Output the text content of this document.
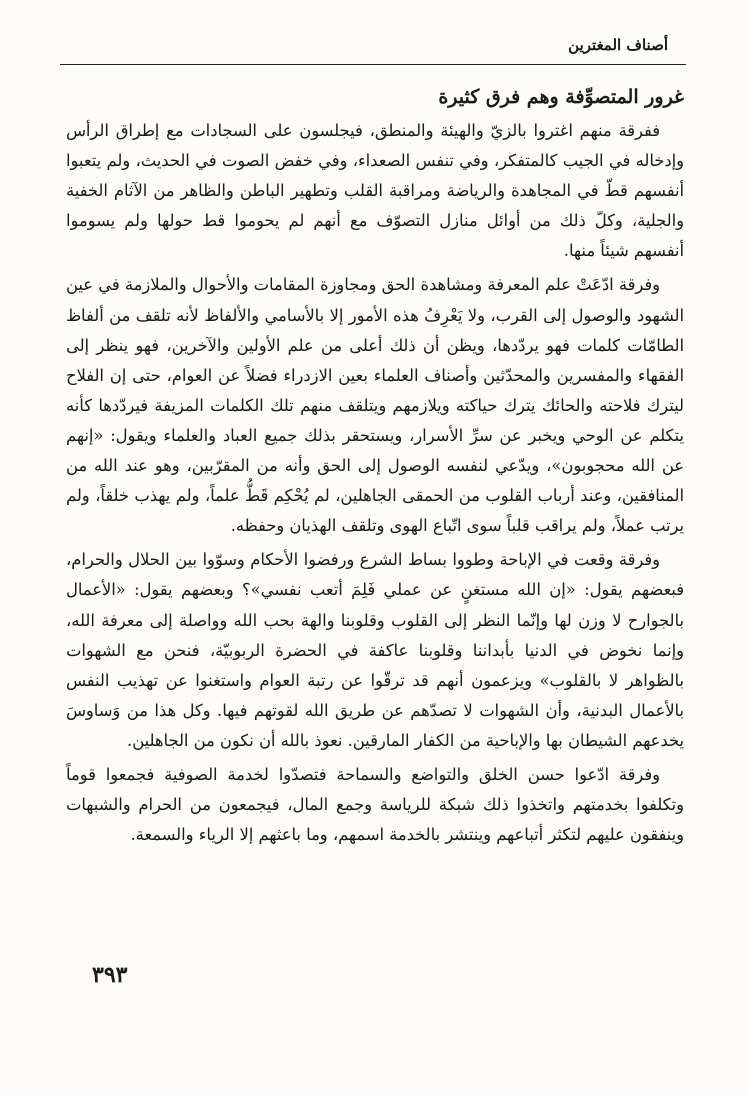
أصناف المغترين
غرور المتصوِّفة وهم فرق كثيرة

ففرقة منهم اغتروا بالزيّ والهيئة والمنطق، فيجلسون على السجادات مع إطراق الرأس وإدخاله في الجيب كالمتفكر، وفي تنفس الصعداء، وفي خفض الصوت في الحديث، ولم يتعبوا أنفسهم قطّ في المجاهدة والرياضة ومراقبة القلب وتطهير الباطن والظاهر من الآثام الخفية والجلية، وكلّ ذلك من أوائل منازل التصوّف مع أنهم لم يحوموا قط حولها ولم يسوموا أنفسهم شيئاً منها.

وفرقة ادّعَتْ علم المعرفة ومشاهدة الحق ومجاوزة المقامات والأحوال والملازمة في عين الشهود والوصول إلى القرب، ولا يَعْرِفُ هذه الأمور إلا بالأسامي والألفاظ لأنه تلقف من ألفاظ الطامّات كلمات فهو يردّدها، ويظن أن ذلك أعلى من علم الأولين والآخرين، فهو ينظر إلى الفقهاء والمفسرين والمحدّثين وأصناف العلماء بعين الازدراء فضلاً عن العوام، حتى إن الفلاح ليترك فلاحته والحائك يترك حياكته ويلازمهم ويتلقف منهم تلك الكلمات المزيفة فيردّدها كأنه يتكلم عن الوحي ويخبر عن سرِّ الأسرار، ويستحقر بذلك جميع العباد والعلماء ويقول: «إنهم عن الله محجوبون»، ويدّعي لنفسه الوصول إلى الحق وأنه من المقرّبين، وهو عند الله من المنافقين، وعند أرباب القلوب من الحمقى الجاهلين، لم يُحْكِم قَطُّ علماً، ولم يهذب خلقاً، ولم يرتب عملاً، ولم يراقب قلباً سوى اتّباع الهوى وتلقف الهذيان وحفظه.

وفرقة وقعت في الإباحة وطووا بساط الشرع ورفضوا الأحكام وسوّوا بين الحلال والحرام، فبعضهم يقول: «إن الله مستغنٍ عن عملي فَلِمَ أتعب نفسي»؟ وبعضهم يقول: «الأعمال بالجوارح لا وزن لها وإنّما النظر إلى القلوب وقلوبنا والهة بحب الله وواصلة إلى معرفة الله، وإنما نخوض في الدنيا بأبداننا وقلوبنا عاكفة في الحضرة الربوبيّة، فنحن مع الشهوات بالظواهر لا بالقلوب» ويزعمون أنهم قد ترقّوا عن رتبة العوام واستغنوا عن تهذيب النفس بالأعمال البدنية، وأن الشهوات لا تصدّهم عن طريق الله لقوتهم فيها. وكل هذا من وَساوسَ يخدعهم الشيطان بها والإباحية من الكفار المارقين. نعوذ بالله أن نكون من الجاهلين.

وفرقة ادّعوا حسن الخلق والتواضع والسماحة فتصدّوا لخدمة الصوفية فجمعوا قوماً وتكلفوا بخدمتهم واتخذوا ذلك شبكة للرياسة وجمع المال، فيجمعون من الحرام والشبهات وينفقون عليهم لتكثر أتباعهم وينتشر بالخدمة اسمهم، وما باعثهم إلا الرياء والسمعة.

٣٩٣
